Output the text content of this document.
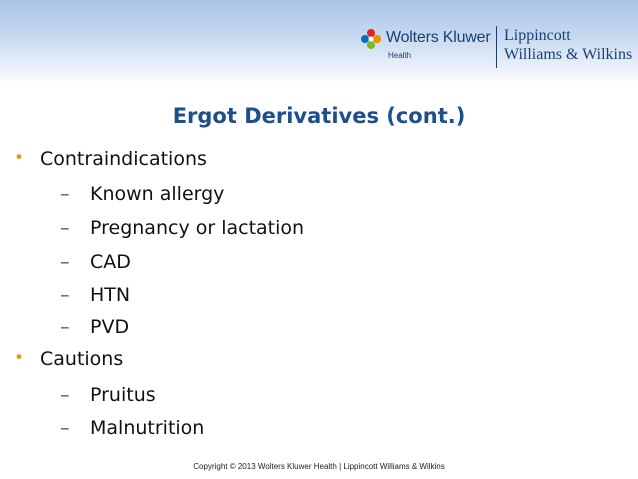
Wolters Kluwer
Health
Lippincott
Williams & Wilkins
Ergot Derivatives (cont.)
• Contraindications
– Known allergy
– Pregnancy or lactation
– CAD
– HTN
– PVD
• Cautions
– Pruitus
– Malnutrition
Copyright © 2013 Wolters Kluwer Health | Lippincott Williams & Wilkins
